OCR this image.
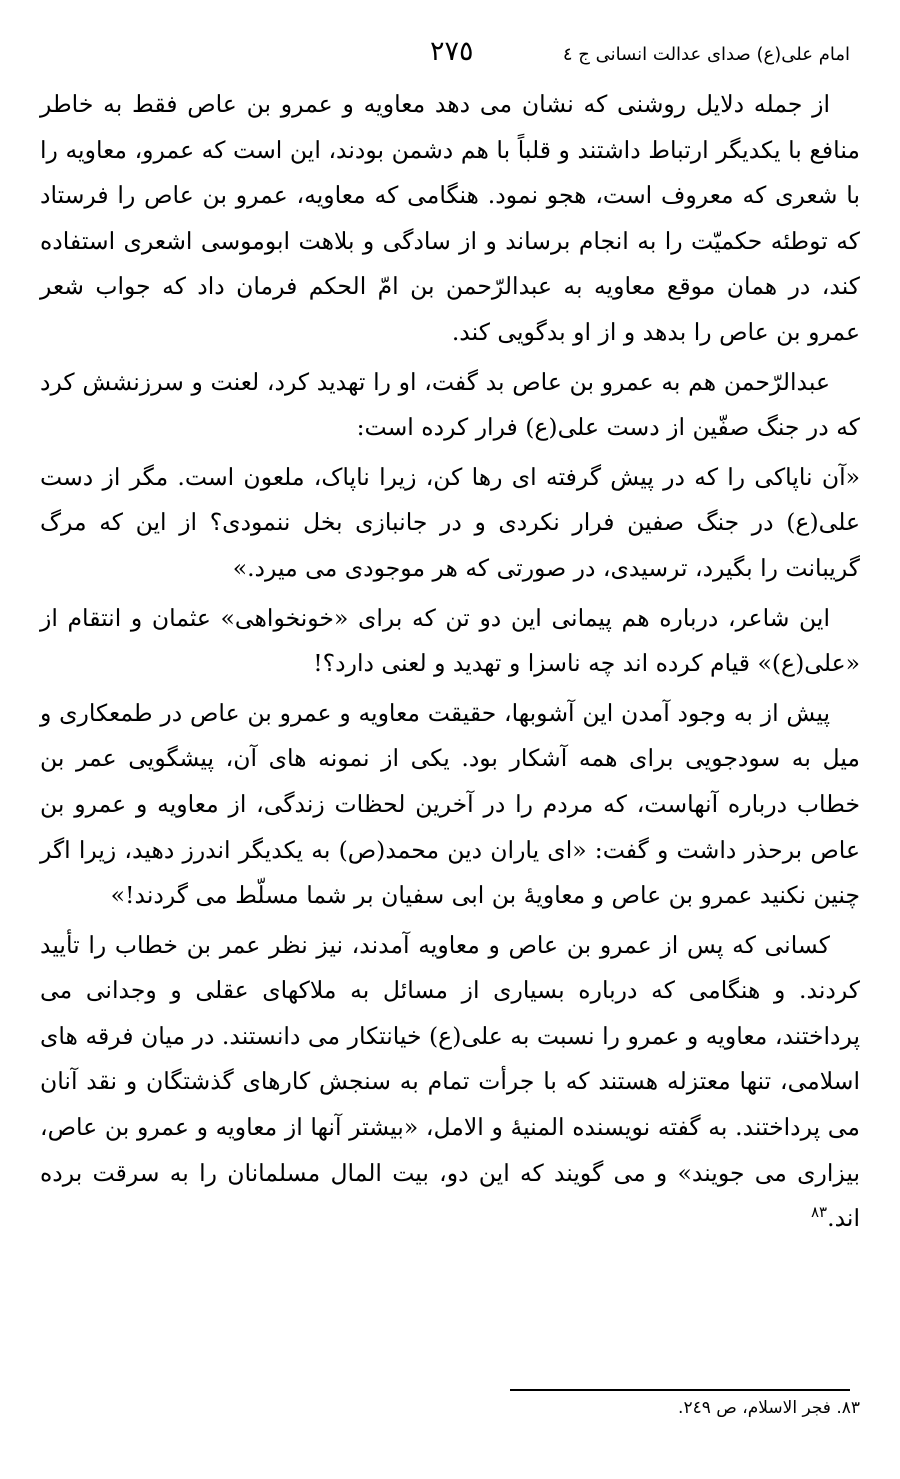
امام علی(ع) صدای عدالت انسانی ج ٤
٢٧٥

از جمله دلایل روشنی که نشان می دهد معاویه و عمرو بن عاص فقط به خاطر منافع با یکدیگر ارتباط داشتند و قلباً با هم دشمن بودند، این است که عمرو، معاویه را با شعری که معروف است، هجو نمود. هنگامی که معاویه، عمرو بن عاص را فرستاد که توطئه حکمیّت را به انجام برساند و از سادگی و بلاهت ابوموسی اشعری استفاده کند، در همان موقع معاویه به عبدالرّحمن بن امّ الحکم فرمان داد که جواب شعر عمرو بن عاص را بدهد و از او بدگویی کند.

عبدالرّحمن هم به عمرو بن عاص بد گفت، او را تهدید کرد، لعنت و سرزنشش کرد که در جنگ صفّین از دست علی(ع) فرار کرده است:

«آن ناپاکی را که در پیش گرفته ای رها کن، زیرا ناپاک، ملعون است. مگر از دست علی(ع) در جنگ صفین فرار نکردی و در جانبازی بخل ننمودی؟ از این که مرگ گریبانت را بگیرد، ترسیدی، در صورتی که هر موجودی می میرد.»

این شاعر، درباره هم پیمانی این دو تن که برای «خونخواهی» عثمان و انتقام از «علی(ع)» قیام کرده اند چه ناسزا و تهدید و لعنی دارد؟!

پیش از به وجود آمدن این آشوبها، حقیقت معاویه و عمرو بن عاص در طمعکاری و میل به سودجویی برای همه آشکار بود. یکی از نمونه های آن، پیشگویی عمر بن خطاب درباره آنهاست، که مردم را در آخرین لحظات زندگی، از معاویه و عمرو بن عاص برحذر داشت و گفت: «ای یاران دین محمد(ص) به یکدیگر اندرز دهید، زیرا اگر چنین نکنید عمرو بن عاص و معاویهٔ بن ابی سفیان بر شما مسلّط می گردند!»

کسانی که پس از عمرو بن عاص و معاویه آمدند، نیز نظر عمر بن خطاب را تأیید کردند. و هنگامی که درباره بسیاری از مسائل به ملاکهای عقلی و وجدانی می پرداختند، معاویه و عمرو را نسبت به علی(ع) خیانتکار می دانستند. در میان فرقه های اسلامی، تنها معتزله هستند که با جرأت تمام به سنجش کارهای گذشتگان و نقد آنان می پرداختند. به گفته نویسنده المنیهٔ و الامل، «بیشتر آنها از معاویه و عمرو بن عاص، بیزاری می جویند» و می گویند که این دو، بیت المال مسلمانان را به سرقت برده اند.$^{٨٣}$

٨٣. فجر الاسلام، ص ٢٤٩.
